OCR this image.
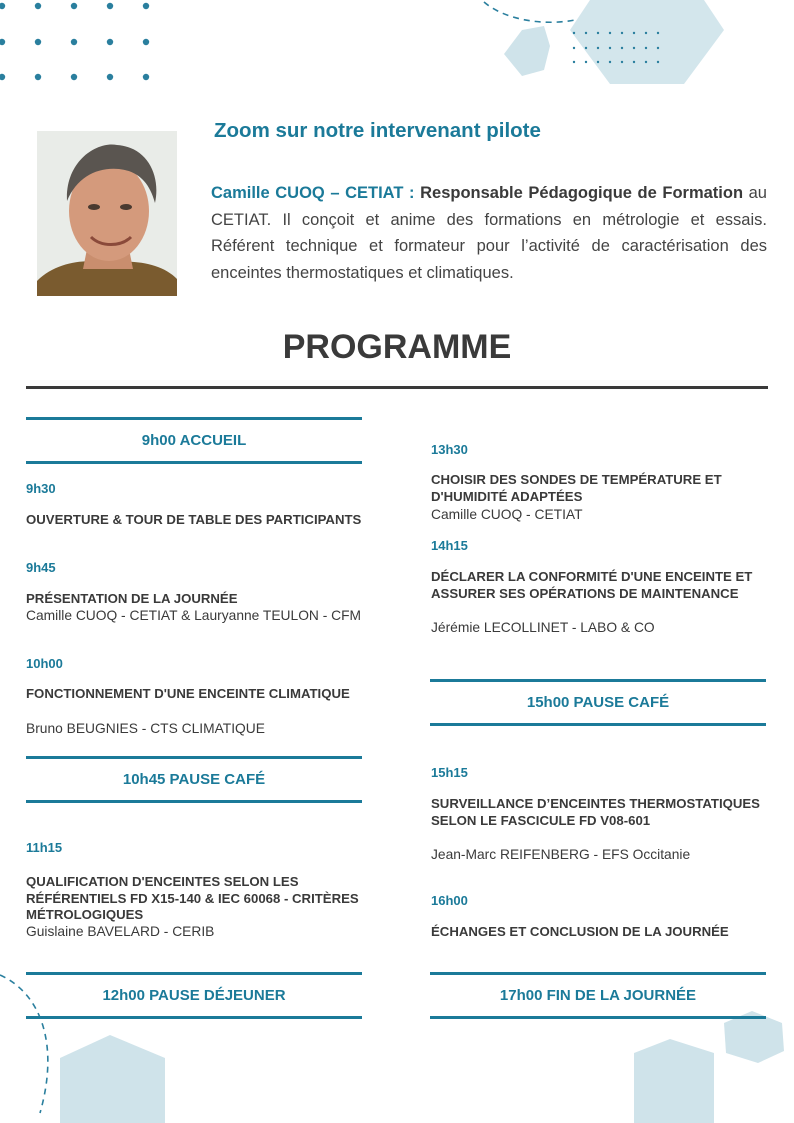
Zoom sur notre intervenant pilote
Camille CUOQ – CETIAT : Responsable Pédagogique de Formation au CETIAT. Il conçoit et anime des formations en métrologie et essais. Référent technique et formateur pour l’activité de caractérisation des enceintes thermostatiques et climatiques.
PROGRAMME
9h00 ACCUEIL
9h30
OUVERTURE & TOUR DE TABLE DES PARTICIPANTS
9h45
PRÉSENTATION DE LA JOURNÉE
Camille CUOQ - CETIAT & Lauryanne TEULON - CFM
10h00
FONCTIONNEMENT D'UNE ENCEINTE CLIMATIQUE
Bruno BEUGNIES - CTS CLIMATIQUE
10h45 PAUSE CAFÉ
11h15
QUALIFICATION D'ENCEINTES SELON LES RÉFÉRENTIELS FD X15-140 & IEC 60068 - CRITÈRES MÉTROLOGIQUES
Guislaine BAVELARD - CERIB
12h00 PAUSE DÉJEUNER
13h30
CHOISIR DES SONDES DE TEMPÉRATURE ET D'HUMIDITÉ ADAPTÉES
Camille CUOQ - CETIAT
14h15
DÉCLARER LA CONFORMITÉ D'UNE ENCEINTE ET ASSURER SES OPÉRATIONS DE MAINTENANCE
Jérémie LECOLLINET - LABO & CO
15h00 PAUSE CAFÉ
15h15
SURVEILLANCE D’ENCEINTES THERMOSTATIQUES SELON LE FASCICULE FD V08-601
Jean-Marc REIFENBERG - EFS Occitanie
16h00
ÉCHANGES ET CONCLUSION DE LA JOURNÉE
17h00 FIN DE LA JOURNÉE
